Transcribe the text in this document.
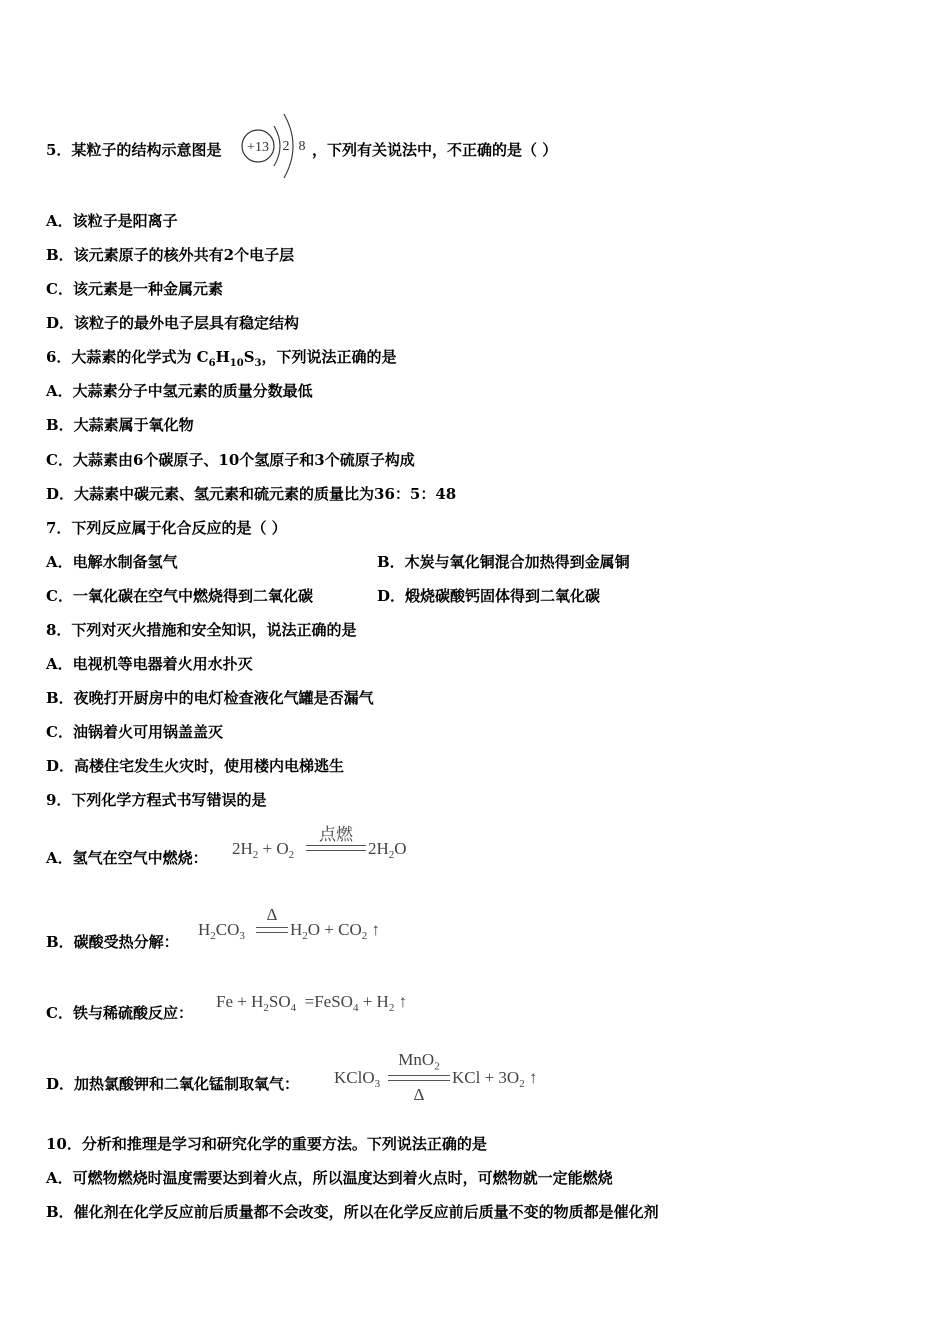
5．某粒子的结构示意图是 +13 2 8 ，下列有关说法中，不正确的是（ ）
A．该粒子是阳离子
B．该元素原子的核外共有2个电子层
C．该元素是一种金属元素
D．该粒子的最外电子层具有稳定结构
6．大蒜素的化学式为 $C_6H_{10}S_3$，下列说法正确的是
A．大蒜素分子中氢元素的质量分数最低
B．大蒜素属于氧化物
C．大蒜素由6个碳原子、10个氢原子和3个硫原子构成
D．大蒜素中碳元素、氢元素和硫元素的质量比为36：5：48
7．下列反应属于化合反应的是（ ）
A．电解水制备氢气	B．木炭与氧化铜混合加热得到金属铜
C．一氧化碳在空气中燃烧得到二氧化碳	D．煅烧碳酸钙固体得到二氧化碳
8．下列对灭火措施和安全知识，说法正确的是
A．电视机等电器着火用水扑灭
B．夜晚打开厨房中的电灯检查液化气罐是否漏气
C．油锅着火可用锅盖盖灭
D．高楼住宅发生火灾时，使用楼内电梯逃生
9．下列化学方程式书写错误的是
A．氢气在空气中燃烧： $2H_2 + O_2$
点燃
$2H_2O$
B．碳酸受热分解：
$H_2CO_3$
Δ
$H_2O + CO_2$ ↑
C．铁与稀硫酸反应：
$Fe + H_2SO_4$  =FeSO$_4$ + $H_2$ ↑
D．加热氯酸钾和二氧化锰制取氧气： KClO$_3$
MnO$_2$
Δ
KCl + $3O_2$ ↑
10．分析和推理是学习和研究化学的重要方法。下列说法正确的是
A．可燃物燃烧时温度需要达到着火点，所以温度达到着火点时，可燃物就一定能燃烧
B．催化剂在化学反应前后质量都不会改变，所以在化学反应前后质量不变的物质都是催化剂
